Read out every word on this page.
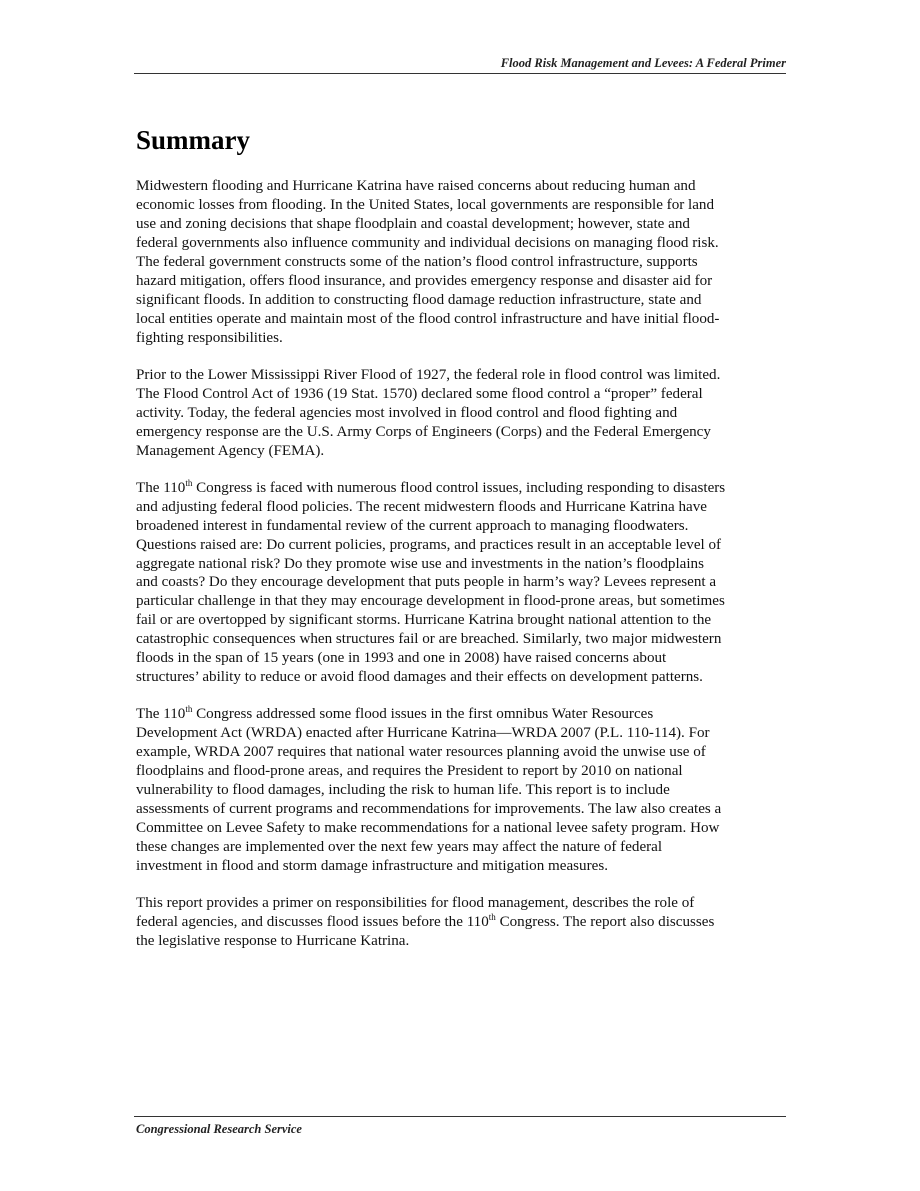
Flood Risk Management and Levees: A Federal Primer
Summary

Midwestern flooding and Hurricane Katrina have raised concerns about reducing human and
economic losses from flooding. In the United States, local governments are responsible for land
use and zoning decisions that shape floodplain and coastal development; however, state and
federal governments also influence community and individual decisions on managing flood risk.
The federal government constructs some of the nation’s flood control infrastructure, supports
hazard mitigation, offers flood insurance, and provides emergency response and disaster aid for
significant floods. In addition to constructing flood damage reduction infrastructure, state and
local entities operate and maintain most of the flood control infrastructure and have initial flood-
fighting responsibilities.

Prior to the Lower Mississippi River Flood of 1927, the federal role in flood control was limited.
The Flood Control Act of 1936 (19 Stat. 1570) declared some flood control a “proper” federal
activity. Today, the federal agencies most involved in flood control and flood fighting and
emergency response are the U.S. Army Corps of Engineers (Corps) and the Federal Emergency
Management Agency (FEMA).

The 110th Congress is faced with numerous flood control issues, including responding to disasters
and adjusting federal flood policies. The recent midwestern floods and Hurricane Katrina have
broadened interest in fundamental review of the current approach to managing floodwaters.
Questions raised are: Do current policies, programs, and practices result in an acceptable level of
aggregate national risk? Do they promote wise use and investments in the nation’s floodplains
and coasts? Do they encourage development that puts people in harm’s way? Levees represent a
particular challenge in that they may encourage development in flood-prone areas, but sometimes
fail or are overtopped by significant storms. Hurricane Katrina brought national attention to the
catastrophic consequences when structures fail or are breached. Similarly, two major midwestern
floods in the span of 15 years (one in 1993 and one in 2008) have raised concerns about
structures’ ability to reduce or avoid flood damages and their effects on development patterns.

The 110th Congress addressed some flood issues in the first omnibus Water Resources
Development Act (WRDA) enacted after Hurricane Katrina—WRDA 2007 (P.L. 110-114). For
example, WRDA 2007 requires that national water resources planning avoid the unwise use of
floodplains and flood-prone areas, and requires the President to report by 2010 on national
vulnerability to flood damages, including the risk to human life. This report is to include
assessments of current programs and recommendations for improvements. The law also creates a
Committee on Levee Safety to make recommendations for a national levee safety program. How
these changes are implemented over the next few years may affect the nature of federal
investment in flood and storm damage infrastructure and mitigation measures.

This report provides a primer on responsibilities for flood management, describes the role of
federal agencies, and discusses flood issues before the 110th Congress. The report also discusses
the legislative response to Hurricane Katrina.

Congressional Research Service
